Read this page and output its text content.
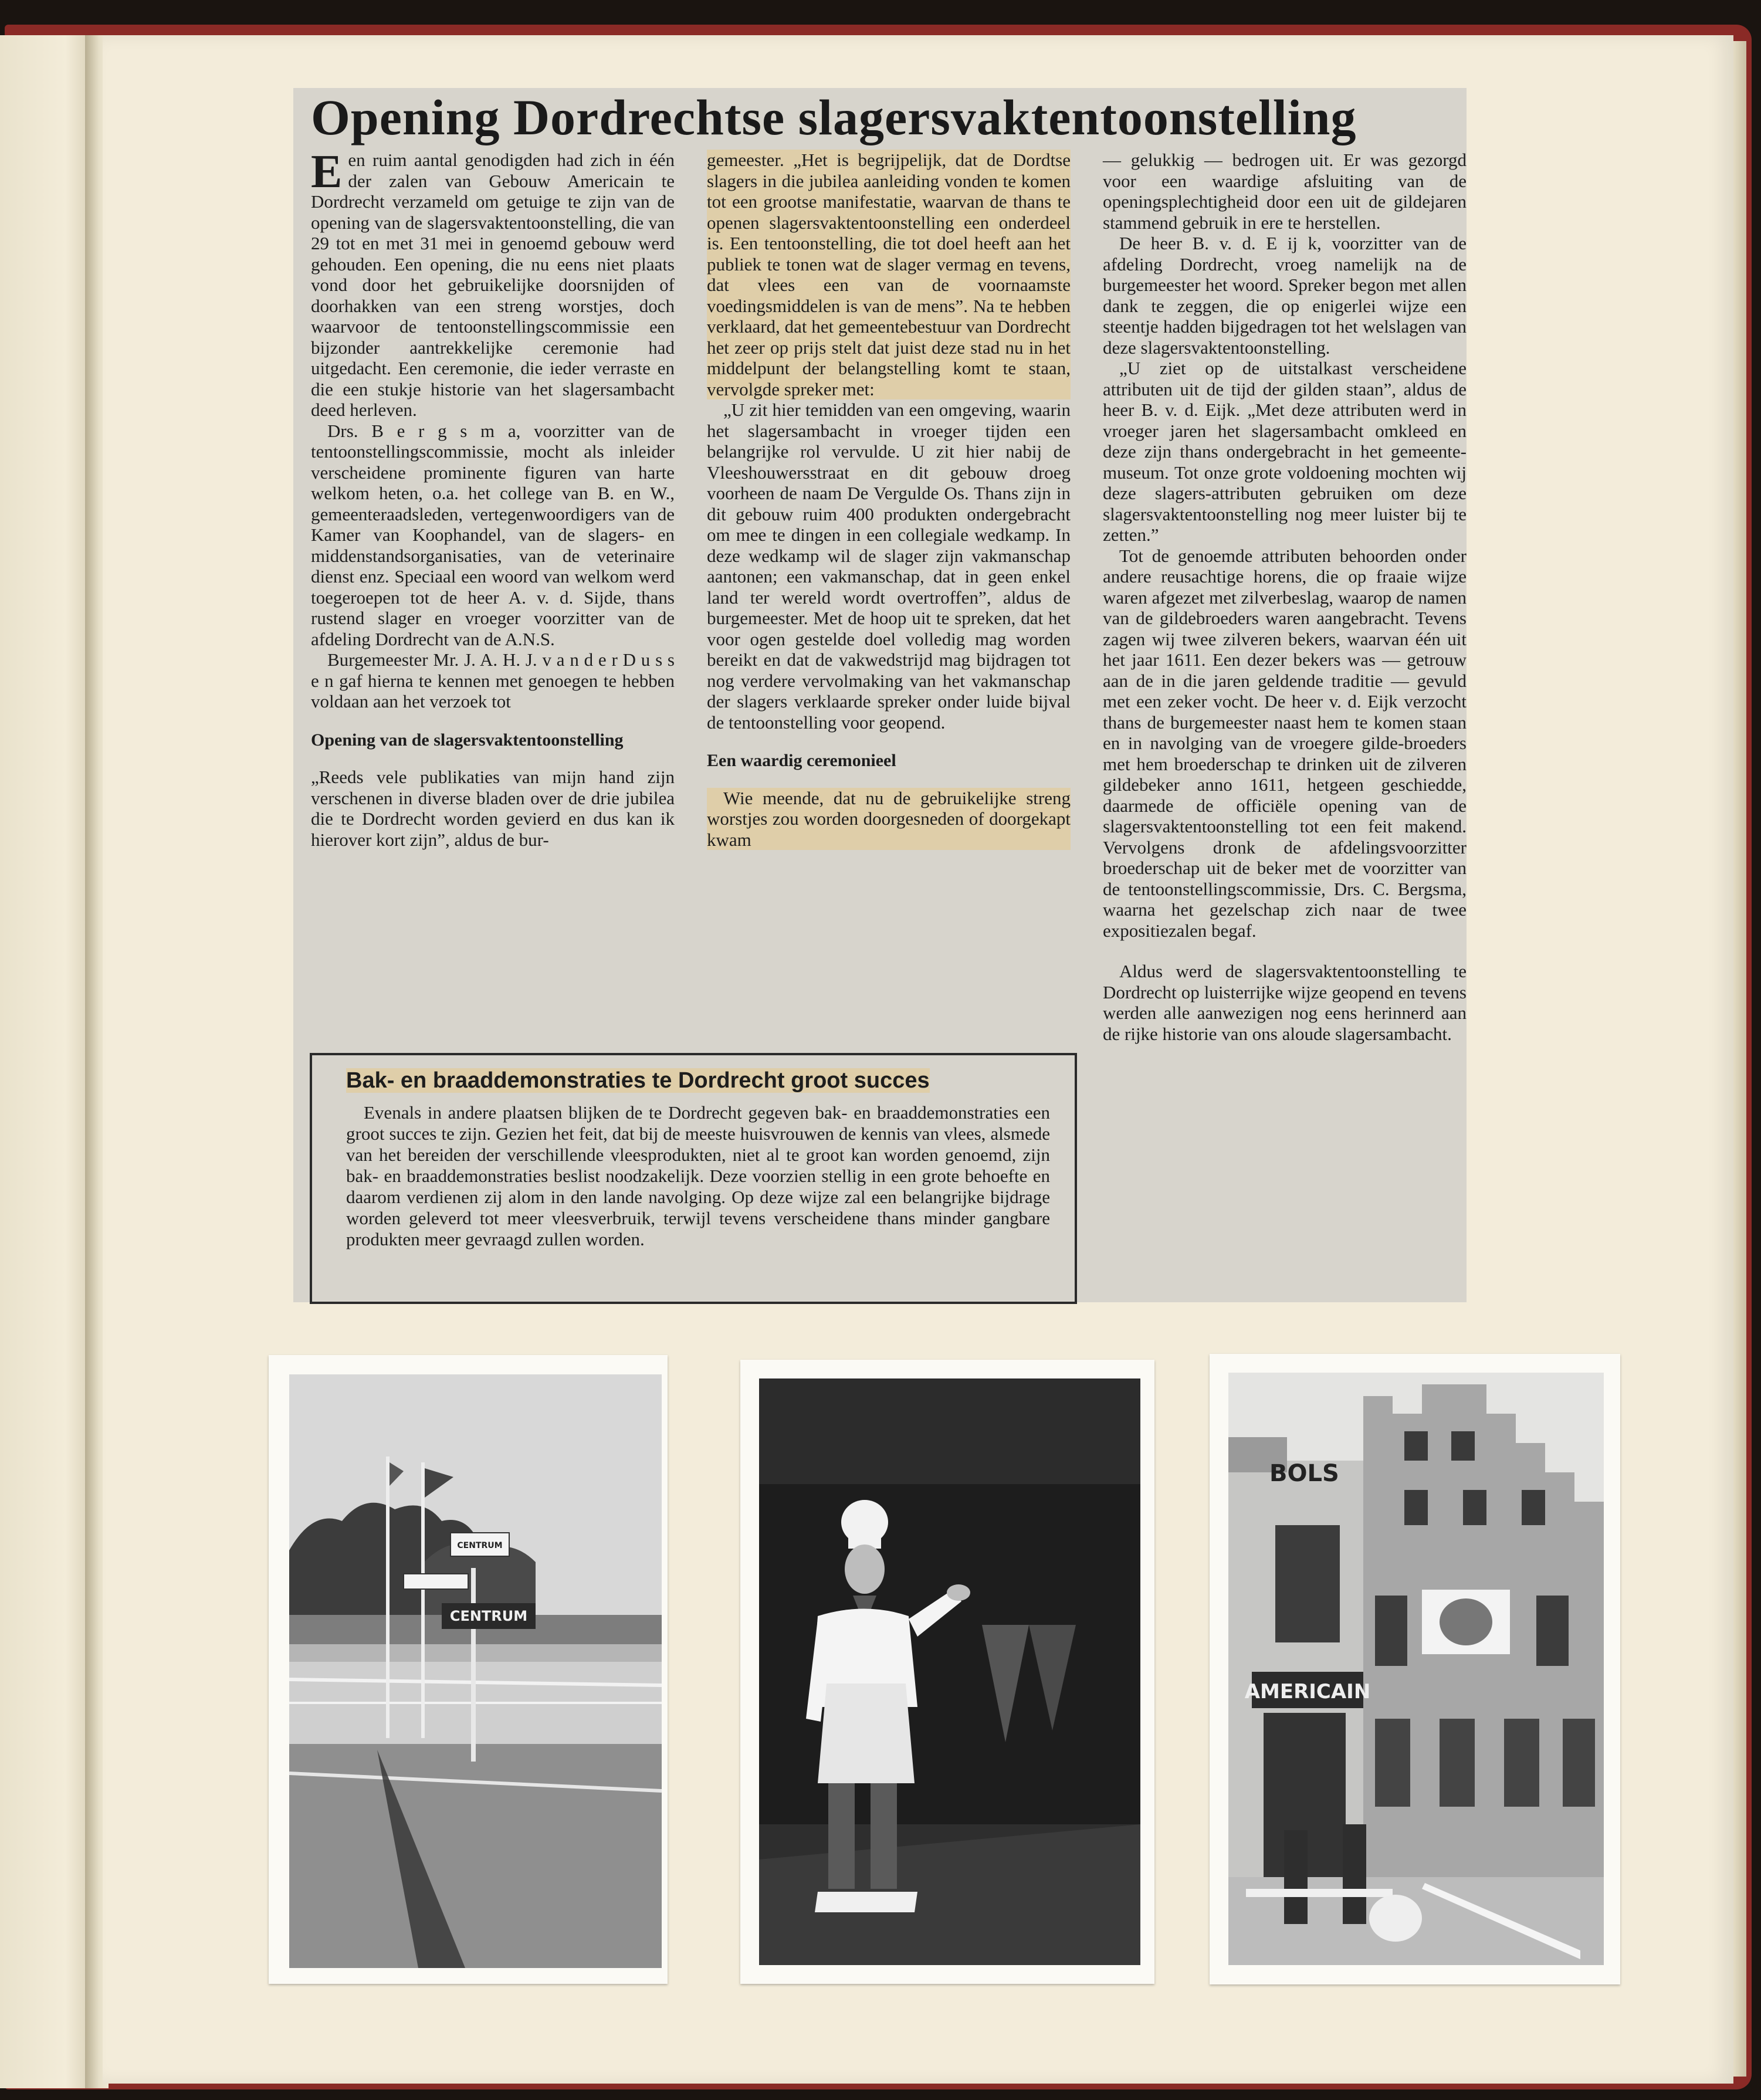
Opening Dordrechtse slagersvaktentoonstelling

Een ruim aantal genodigden had zich in één der zalen van Gebouw Americain te Dordrecht verzameld om getuige te zijn van de opening van de slagersvaktentoonstelling, die van 29 tot en met 31 mei in genoemd gebouw werd gehouden. Een opening, die nu eens niet plaats vond door het gebruikelijke doorsnijden of doorhakken van een streng worstjes, doch waarvoor de tentoonstellingscommissie een bijzonder aantrekkelijke ceremonie had uitgedacht. Een ceremonie, die ieder verraste en die een stukje historie van het slagersambacht deed herleven.

Drs. B e r g s m a, voorzitter van de tentoonstellingscommissie, mocht als inleider verscheidene prominente figuren van harte welkom heten, o.a. het college van B. en W., gemeenteraadsleden, vertegenwoordigers van de Kamer van Koophandel, van de slagers- en middenstandsorganisaties, van de veterinaire dienst enz. Speciaal een woord van welkom werd toegeroepen tot de heer A. v. d. Sijde, thans rustend slager en vroeger voorzitter van de afdeling Dordrecht van de A.N.S.

Burgemeester Mr. J. A. H. J. v a n d e r D u s s e n gaf hierna te kennen met genoegen te hebben voldaan aan het verzoek tot

Opening van de slagersvaktentoonstelling

„Reeds vele publikaties van mijn hand zijn verschenen in diverse bladen over de drie jubilea die te Dordrecht worden gevierd en dus kan ik hierover kort zijn”, aldus de bur-

gemeester. „Het is begrijpelijk, dat de Dordtse slagers in die jubilea aanleiding vonden te komen tot een grootse manifestatie, waarvan de thans te openen slagersvaktentoonstelling een onderdeel is. Een tentoonstelling, die tot doel heeft aan het publiek te tonen wat de slager vermag en tevens, dat vlees een van de voornaamste voedingsmiddelen is van de mens”. Na te hebben verklaard, dat het gemeentebestuur van Dordrecht het zeer op prijs stelt dat juist deze stad nu in het middelpunt der belangstelling komt te staan, vervolgde spreker met:

„U zit hier temidden van een omgeving, waarin het slagersambacht in vroeger tijden een belangrijke rol vervulde. U zit hier nabij de Vleeshouwersstraat en dit gebouw droeg voorheen de naam De Vergulde Os. Thans zijn in dit gebouw ruim 400 produkten ondergebracht om mee te dingen in een collegiale wedkamp. In deze wedkamp wil de slager zijn vakmanschap aantonen; een vakmanschap, dat in geen enkel land ter wereld wordt overtroffen”, aldus de burgemeester. Met de hoop uit te spreken, dat het voor ogen gestelde doel volledig mag worden bereikt en dat de vakwedstrijd mag bijdragen tot nog verdere vervolmaking van het vakmanschap der slagers verklaarde spreker onder luide bijval de tentoonstelling voor geopend.

Een waardig ceremonieel

Wie meende, dat nu de gebruikelijke streng worstjes zou worden doorgesneden of doorgekapt kwam

— gelukkig — bedrogen uit. Er was gezorgd voor een waardige afsluiting van de openingsplechtigheid door een uit de gildejaren stammend gebruik in ere te herstellen.

De heer B. v. d. E ij k, voorzitter van de afdeling Dordrecht, vroeg namelijk na de burgemeester het woord. Spreker begon met allen dank te zeggen, die op enigerlei wijze een steentje hadden bijgedragen tot het welslagen van deze slagersvaktentoonstelling.

„U ziet op de uitstalkast verscheidene attributen uit de tijd der gilden staan”, aldus de heer B. v. d. Eijk. „Met deze attributen werd in vroeger jaren het slagersambacht omkleed en deze zijn thans ondergebracht in het gemeente-museum. Tot onze grote voldoening mochten wij deze slagers-attributen gebruiken om deze slagersvaktentoonstelling nog meer luister bij te zetten.”

Tot de genoemde attributen behoorden onder andere reusachtige horens, die op fraaie wijze waren afgezet met zilverbeslag, waarop de namen van de gildebroeders waren aangebracht. Tevens zagen wij twee zilveren bekers, waarvan één uit het jaar 1611. Een dezer bekers was — getrouw aan de in die jaren geldende traditie — gevuld met een zeker vocht. De heer v. d. Eijk verzocht thans de burgemeester naast hem te komen staan en in navolging van de vroegere gilde-broeders met hem broederschap te drinken uit de zilveren gildebeker anno 1611, hetgeen geschiedde, daarmede de officiële opening van de slagersvaktentoonstelling tot een feit makend. Vervolgens dronk de afdelingsvoorzitter broederschap uit de beker met de voorzitter van de tentoonstellingscommissie, Drs. C. Bergsma, waarna het gezelschap zich naar de twee expositiezalen begaf.

Aldus werd de slagersvaktentoonstelling te Dordrecht op luisterrijke wijze geopend en tevens werden alle aanwezigen nog eens herinnerd aan de rijke historie van ons aloude slagersambacht.

Bak- en braaddemonstraties te Dordrecht groot succes

Evenals in andere plaatsen blijken de te Dordrecht gegeven bak- en braaddemonstraties een groot succes te zijn. Gezien het feit, dat bij de meeste huisvrouwen de kennis van vlees, alsmede van het bereiden der verschillende vleesprodukten, niet al te groot kan worden genoemd, zijn bak- en braaddemonstraties beslist noodzakelijk. Deze voorzien stellig in een grote behoefte en daarom verdienen zij alom in den lande navolging. Op deze wijze zal een belangrijke bijdrage worden geleverd tot meer vleesverbruik, terwijl tevens verscheidene thans minder gangbare produkten meer gevraagd zullen worden.

CENTRUM
CENTRUM
BOLS
AMERICAIN
